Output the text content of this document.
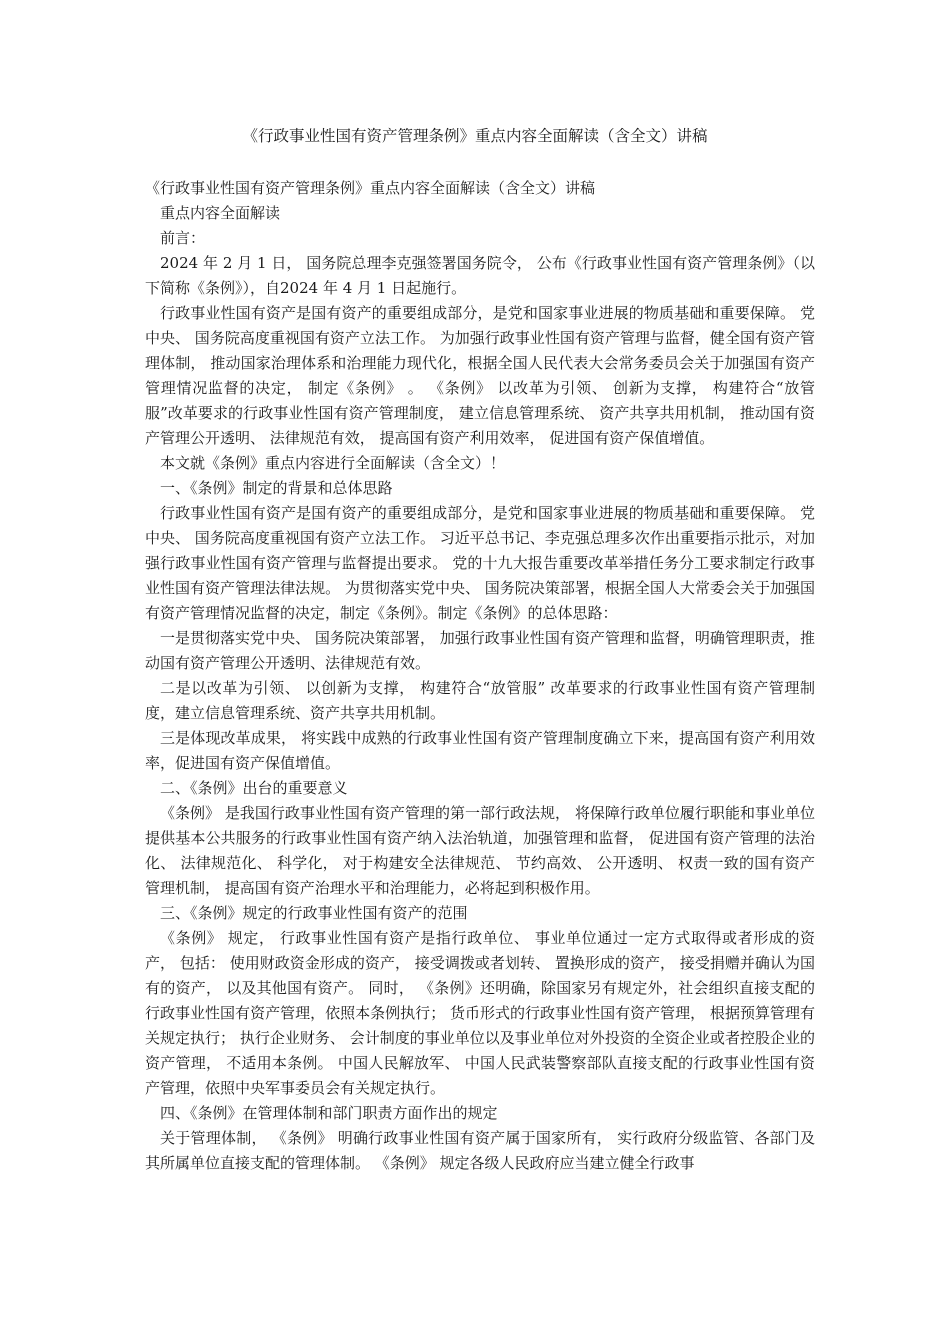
《行政事业性国有资产管理条例》重点内容全面解读（含全文）讲稿

《行政事业性国有资产管理条例》重点内容全面解读（含全文）讲稿

重点内容全面解读

前言：

2024 年 2 月 1 日， 国务院总理李克强签署国务院令， 公布《行政事业性国有资产管理条例》（以下简称《条例》），自2024 年 4 月 1 日起施行。

行政事业性国有资产是国有资产的重要组成部分，是党和国家事业进展的物质基础和重要保障。 党中央、 国务院高度重视国有资产立法工作。 为加强行政事业性国有资产管理与监督，健全国有资产管理体制， 推动国家治理体系和治理能力现代化，根据全国人民代表大会常务委员会关于加强国有资产管理情况监督的决定， 制定《条例》 。 《条例》 以改革为引领、 创新为支撑， 构建符合“放管服”改革要求的行政事业性国有资产管理制度， 建立信息管理系统、 资产共享共用机制， 推动国有资产管理公开透明、 法律规范有效， 提高国有资产利用效率， 促进国有资产保值增值。

本文就《条例》重点内容进行全面解读（含全文）！

一、《条例》制定的背景和总体思路

行政事业性国有资产是国有资产的重要组成部分，是党和国家事业进展的物质基础和重要保障。 党中央、 国务院高度重视国有资产立法工作。 习近平总书记、李克强总理多次作出重要指示批示，对加强行政事业性国有资产管理与监督提出要求。 党的十九大报告重要改革举措任务分工要求制定行政事业性国有资产管理法律法规。 为贯彻落实党中央、 国务院决策部署，根据全国人大常委会关于加强国有资产管理情况监督的决定，制定《条例》。制定《条例》的总体思路：

一是贯彻落实党中央、 国务院决策部署， 加强行政事业性国有资产管理和监督，明确管理职责，推动国有资产管理公开透明、法律规范有效。

二是以改革为引领、 以创新为支撑， 构建符合“放管服” 改革要求的行政事业性国有资产管理制度，建立信息管理系统、资产共享共用机制。

三是体现改革成果， 将实践中成熟的行政事业性国有资产管理制度确立下来，提高国有资产利用效率，促进国有资产保值增值。

二、《条例》出台的重要意义

《条例》 是我国行政事业性国有资产管理的第一部行政法规， 将保障行政单位履行职能和事业单位提供基本公共服务的行政事业性国有资产纳入法治轨道，加强管理和监督， 促进国有资产管理的法治化、 法律规范化、 科学化， 对于构建安全法律规范、 节约高效、 公开透明、 权责一致的国有资产管理机制， 提高国有资产治理水平和治理能力，必将起到积极作用。

三、《条例》规定的行政事业性国有资产的范围

《条例》 规定， 行政事业性国有资产是指行政单位、 事业单位通过一定方式取得或者形成的资产， 包括： 使用财政资金形成的资产， 接受调拨或者划转、 置换形成的资产， 接受捐赠并确认为国有的资产， 以及其他国有资产。 同时， 《条例》还明确，除国家另有规定外，社会组织直接支配的行政事业性国有资产管理，依照本条例执行； 货币形式的行政事业性国有资产管理， 根据预算管理有关规定执行； 执行企业财务、 会计制度的事业单位以及事业单位对外投资的全资企业或者控股企业的资产管理， 不适用本条例。 中国人民解放军、 中国人民武装警察部队直接支配的行政事业性国有资产管理，依照中央军事委员会有关规定执行。

四、《条例》在管理体制和部门职责方面作出的规定

关于管理体制， 《条例》 明确行政事业性国有资产属于国家所有， 实行政府分级监管、各部门及其所属单位直接支配的管理体制。 《条例》 规定各级人民政府应当建立健全行政事
